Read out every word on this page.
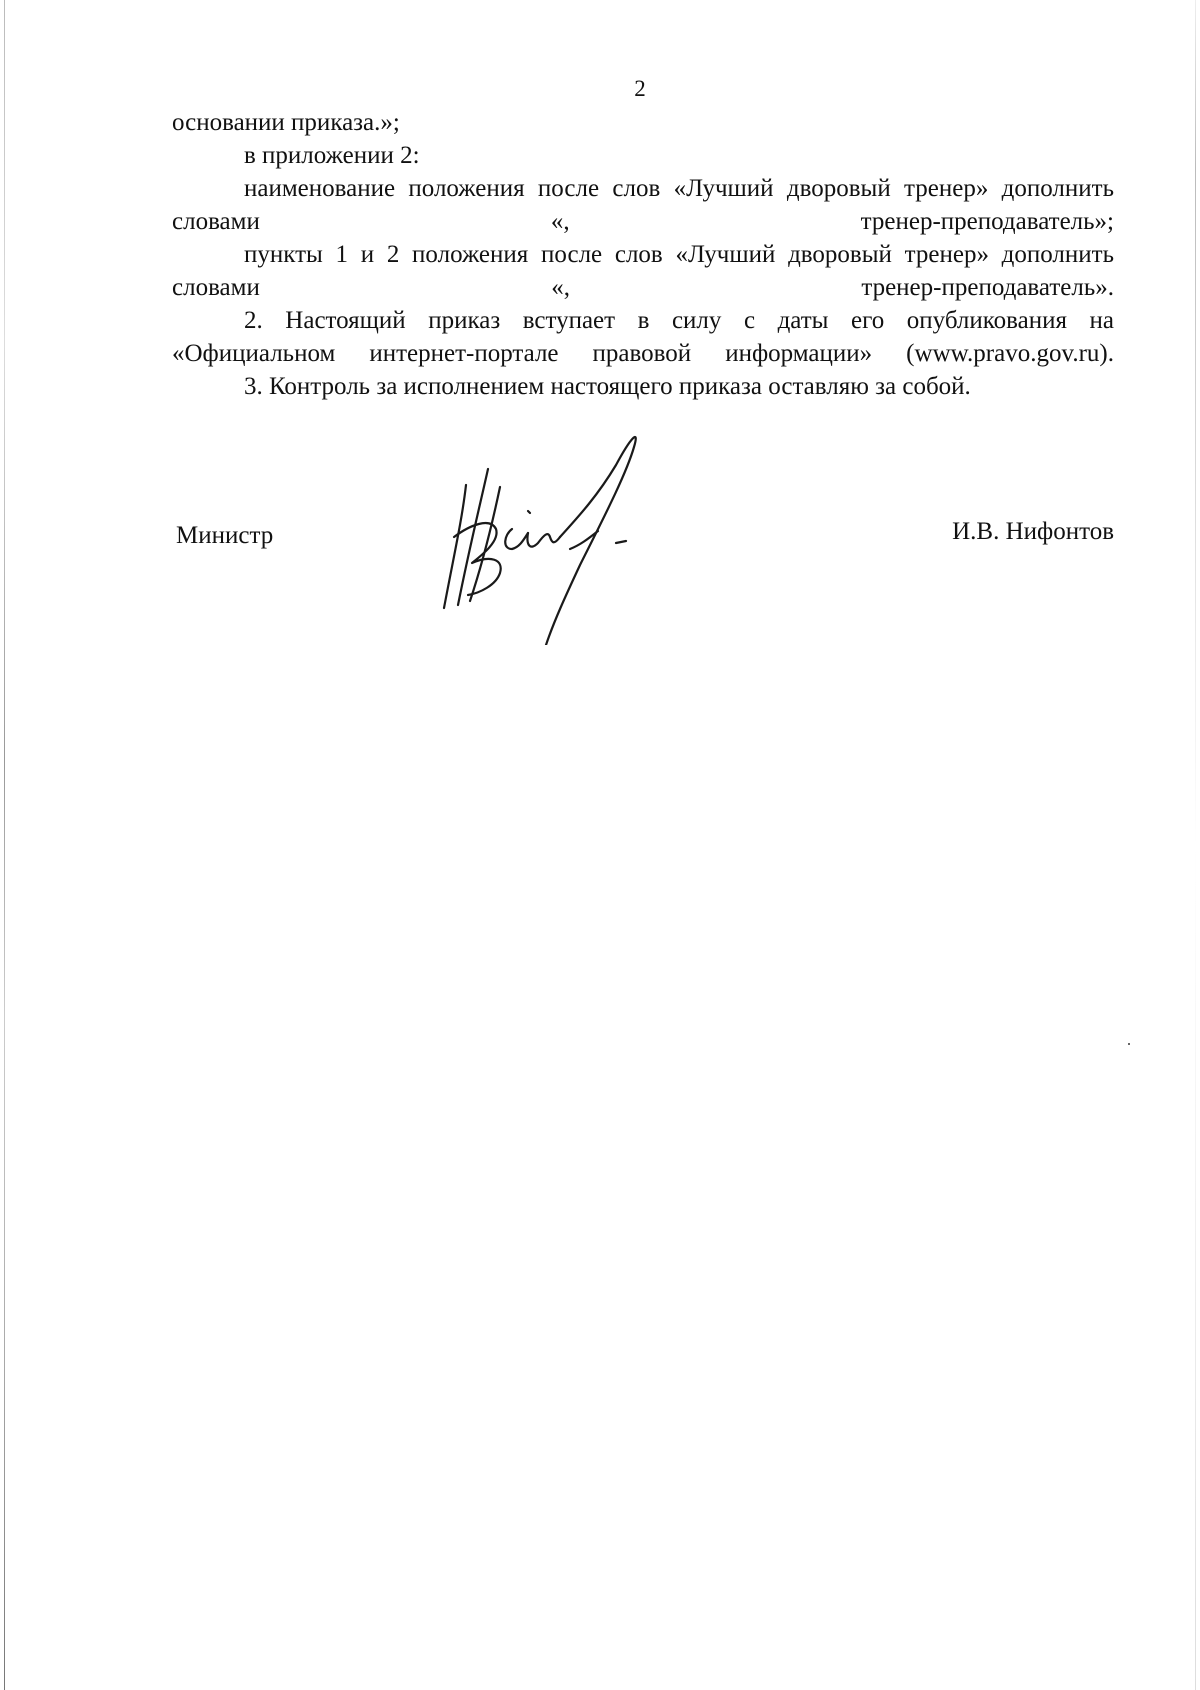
2

основании приказа.»;

в приложении 2:

наименование положения после слов «Лучший дворовый тренер» дополнить словами «, тренер-преподаватель»;

пункты 1 и 2 положения после слов «Лучший дворовый тренер» дополнить словами «, тренер-преподаватель».

2. Настоящий приказ вступает в силу с даты его опубликования на «Официальном интернет-портале правовой информации» (www.pravo.gov.ru).

3. Контроль за исполнением настоящего приказа оставляю за собой.

Министр	И.В. Нифонтов
